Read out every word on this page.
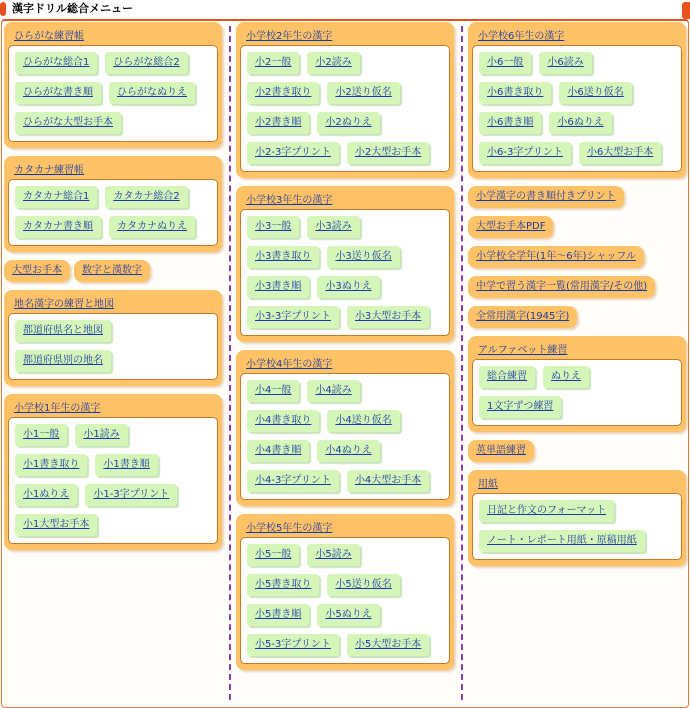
漢字ドリル総合メニュー
ひらがな練習帳
ひらがな総合1 ひらがな総合2
ひらがな書き順 ひらがなぬりえ
ひらがな大型お手本
カタカナ練習帳
カタカナ総合1 カタカナ総合2
カタカナ書き順 カタカナぬりえ
大型お手本 数字と漢数字
地名漢字の練習と地図
都道府県名と地図
都道府県別の地名
小学校1年生の漢字
小1一般 小1読み
小1書き取り 小1書き順
小1ぬりえ 小1-3字プリント
小1大型お手本
小学校2年生の漢字
小2一般 小2読み
小2書き取り 小2送り仮名
小2書き順 小2ぬりえ
小2-3字プリント 小2大型お手本
小学校3年生の漢字
小3一般 小3読み
小3書き取り 小3送り仮名
小3書き順 小3ぬりえ
小3-3字プリント 小3大型お手本
小学校4年生の漢字
小4一般 小4読み
小4書き取り 小4送り仮名
小4書き順 小4ぬりえ
小4-3字プリント 小4大型お手本
小学校5年生の漢字
小5一般 小5読み
小5書き取り 小5送り仮名
小5書き順 小5ぬりえ
小5-3字プリント 小5大型お手本
小学校6年生の漢字
小6一般 小6読み
小6書き取り 小6送り仮名
小6書き順 小6ぬりえ
小6-3字プリント 小6大型お手本
小学漢字の書き順付きプリント
大型お手本PDF
小学校全学年(1年〜6年)シャッフル
中学で習う漢字一覧(常用漢字/その他)
全常用漢字(1945字)
アルファベット練習
総合練習 ぬりえ
1文字ずつ練習
英単語練習
用紙
日記と作文のフォーマット
ノート・レポート用紙・原稿用紙
